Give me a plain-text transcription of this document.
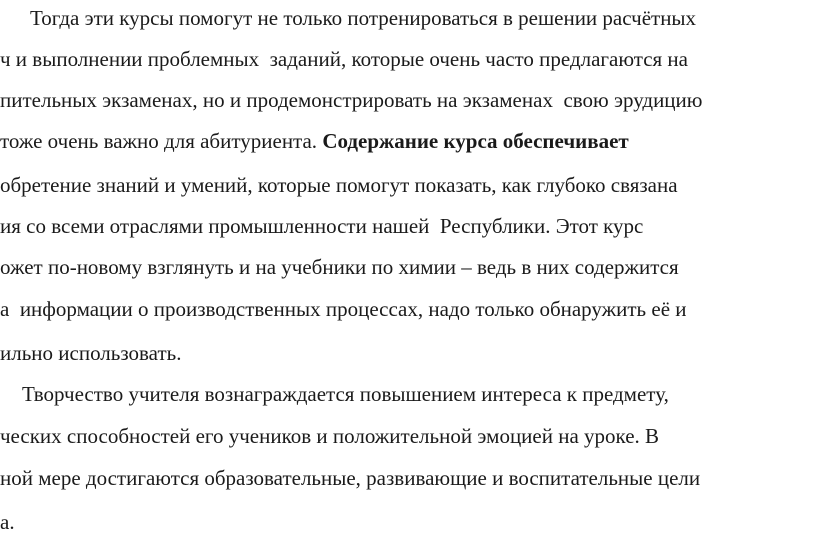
Тогда эти курсы помогут не только потренироваться в решении расчётных
ч и выполнении проблемных  заданий, которые очень часто предлагаются на
пительных экзаменах, но и продемонстрировать на экзаменах  свою эрудицию
тоже очень важно для абитуриента. Содержание курса обеспечивает
обретение знаний и умений, которые помогут показать, как глубоко связана
ия со всеми отраслями промышленности нашей  Республики. Этот курс
ожет по-новому взглянуть и на учебники по химии – ведь в них содержится
а  информации о производственных процессах, надо только обнаружить её и
ильно использовать.
Творчество учителя вознаграждается повышением интереса к предмету,
ческих способностей его учеников и положительной эмоцией на уроке. В
ной мере достигаются образовательные, развивающие и воспитательные цели
а.
